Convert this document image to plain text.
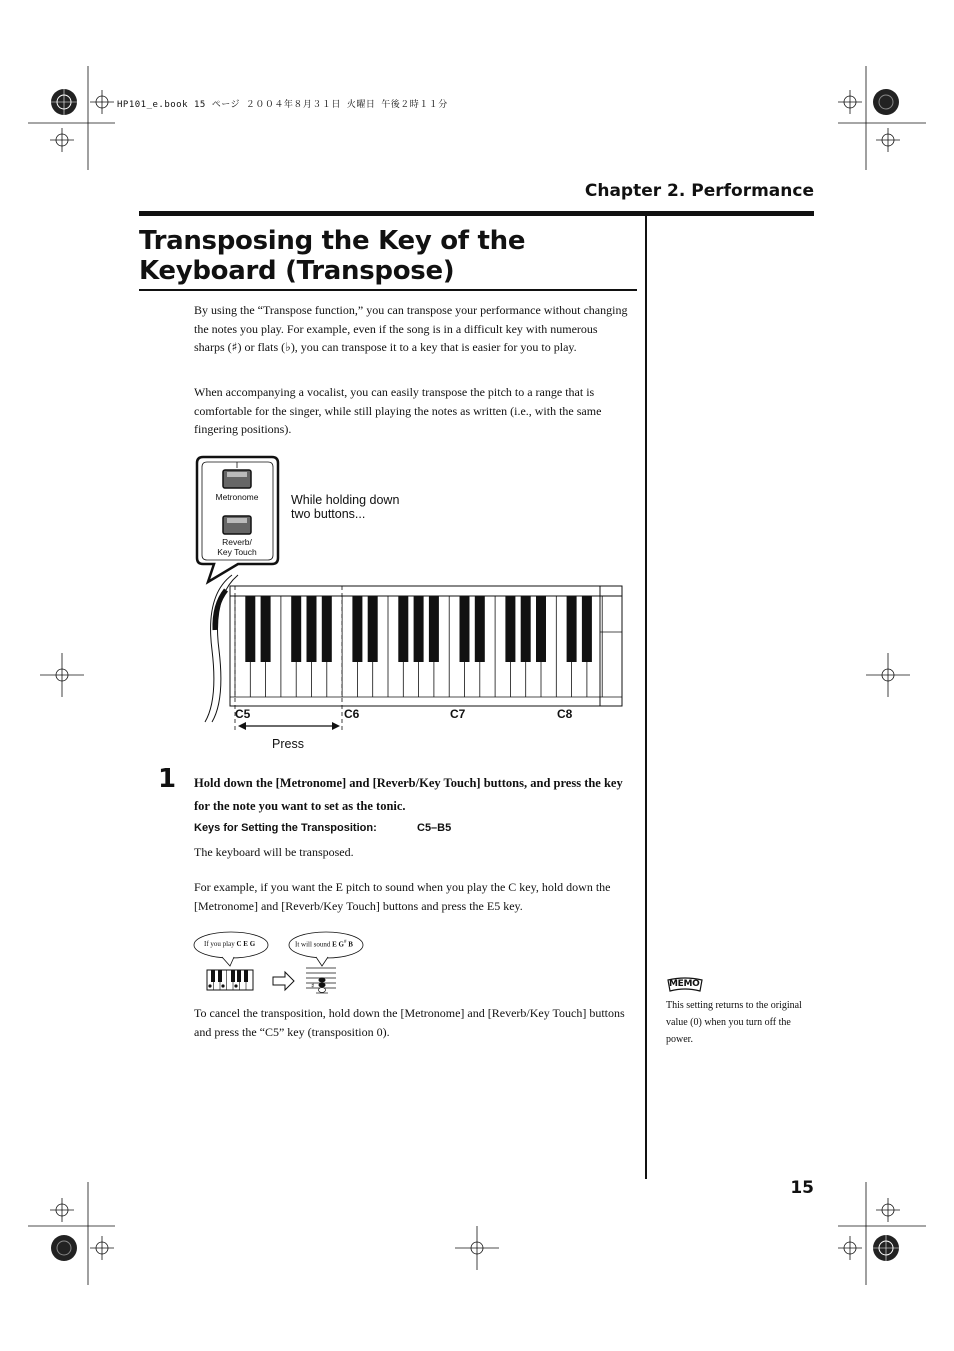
HP101_e.book 15 ページ ２００４年８月３１日 火曜日 午後２時１１分
Chapter 2. Performance
Transposing the Key of the Keyboard (Transpose)
By using the “Transpose function,” you can transpose your performance without changing the notes you play. For example, even if the song is in a difficult key with numerous sharps (♯) or flats (♭), you can transpose it to a key that is easier for you to play.
When accompanying a vocalist, you can easily transpose the pitch to a range that is comfortable for the singer, while still playing the notes as written (i.e., with the same fingering positions).
Metronome
Reverb/
Key Touch
While holding down
two buttons...
C5	C6	C7	C8
Press
1 Hold down the [Metronome] and [Reverb/Key Touch] buttons, and press the key for the note you want to set as the tonic.
Keys for Setting the Transposition:	C5–B5
The keyboard will be transposed.
For example, if you want the E pitch to sound when you play the C key, hold down the [Metronome] and [Reverb/Key Touch] buttons and press the E5 key.
♯
If you play C E G	It will sound E G# B
To cancel the transposition, hold down the [Metronome] and [Reverb/Key Touch] buttons and press the “C5” key (transposition 0).
MEMO
This setting returns to the original value (0) when you turn off the power.
15
